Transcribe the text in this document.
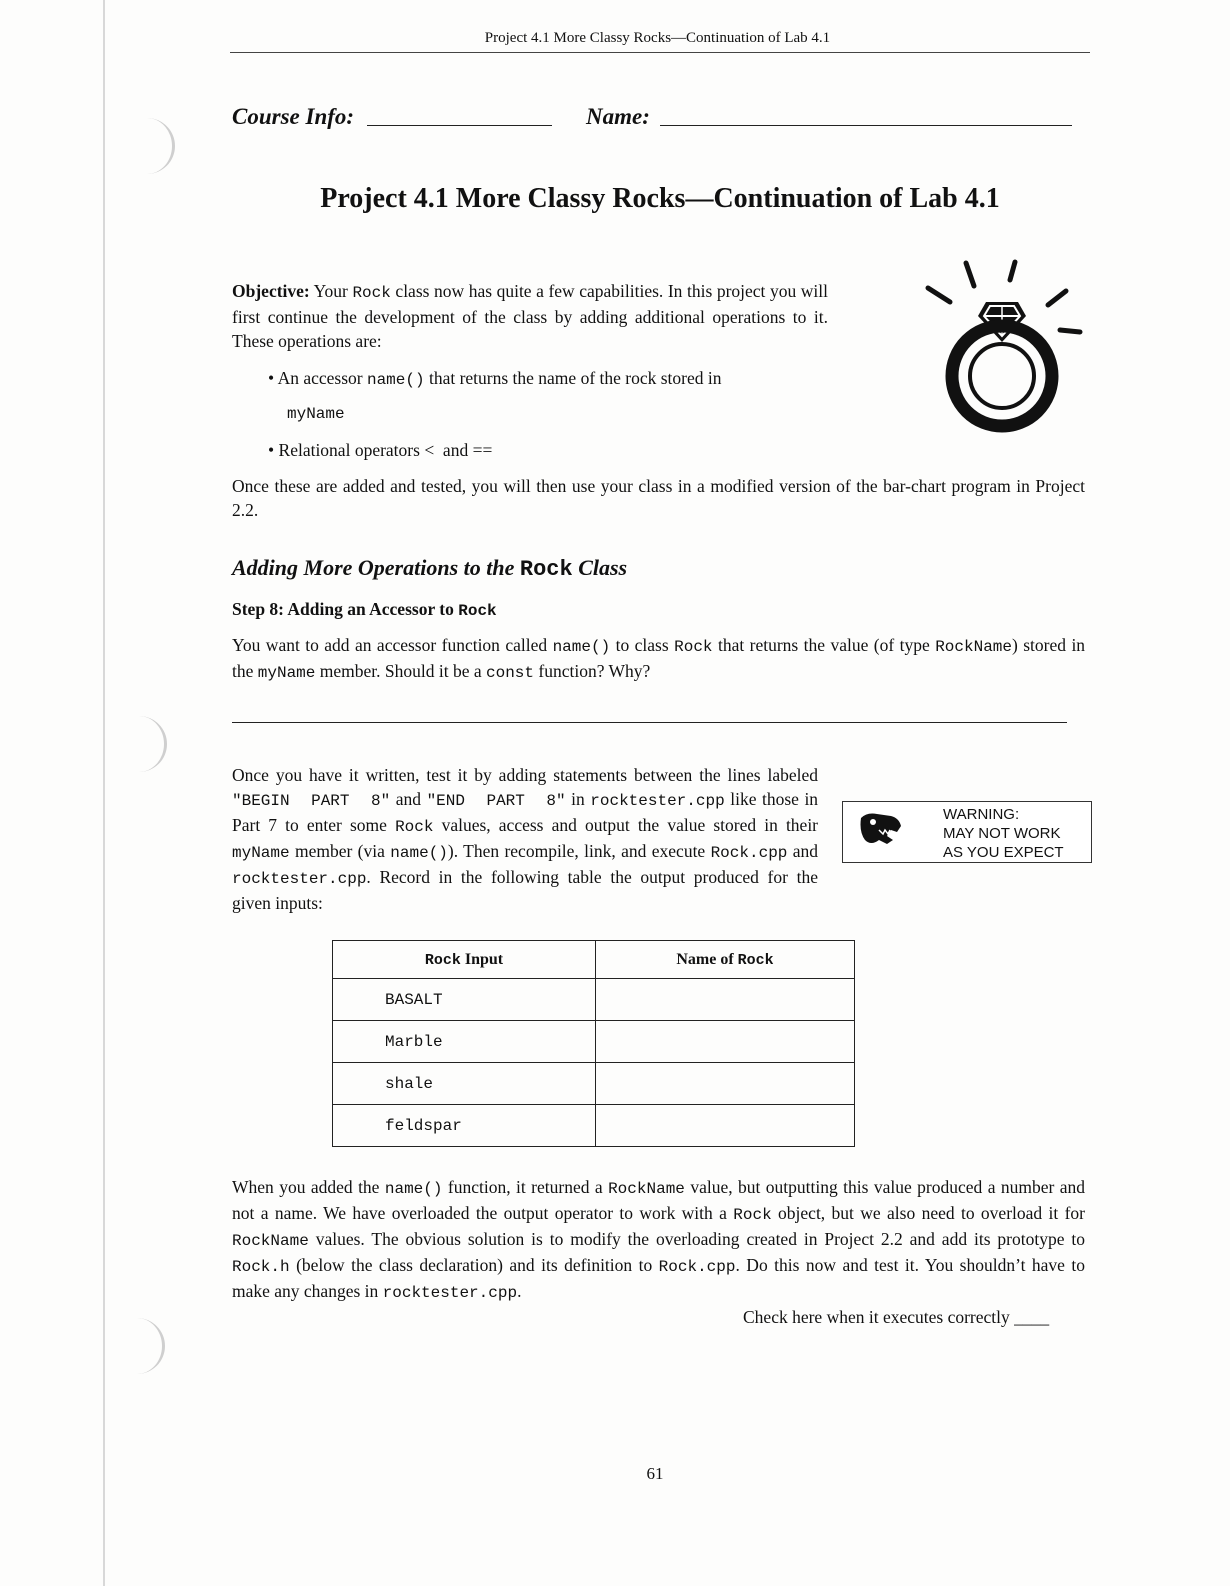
Project 4.1 More Classy Rocks—Continuation of Lab 4.1
Course Info:	Name:
Project 4.1 More Classy Rocks—Continuation of Lab 4.1
Objective: Your Rock class now has quite a few capabilities. In this project you will first continue the development of the class by adding additional operations to it. These operations are:
• An accessor name() that returns the name of the rock stored in
myName
• Relational operators <  and ==
Once these are added and tested, you will then use your class in a modified version of the bar-chart program in Project 2.2.
Adding More Operations to the Rock Class
Step 8: Adding an Accessor to Rock
You want to add an accessor function called name() to class Rock that returns the value (of type RockName) stored in the myName member. Should it be a const function? Why?
Once you have it written, test it by adding statements between the lines labeled "BEGIN  PART  8" and "END  PART  8" in rocktester.cpp like those in Part 7 to enter some Rock values, access and output the value stored in their myName member (via name()). Then recompile, link, and execute Rock.cpp and rocktester.cpp. Record in the following table the output produced for the given inputs:
WARNING:
MAY NOT WORK
AS YOU EXPECT
Rock Input	Name of Rock
BASALT	
Marble	
shale	
feldspar	
When you added the name() function, it returned a RockName value, but outputting this value produced a number and not a name. We have overloaded the output operator to work with a Rock object, but we also need to overload it for RockName values. The obvious solution is to modify the overloading created in Project 2.2 and add its prototype to Rock.h (below the class declaration) and its definition to Rock.cpp. Do this now and test it. You shouldn’t have to make any changes in rocktester.cpp.
Check here when it executes correctly ____
61
